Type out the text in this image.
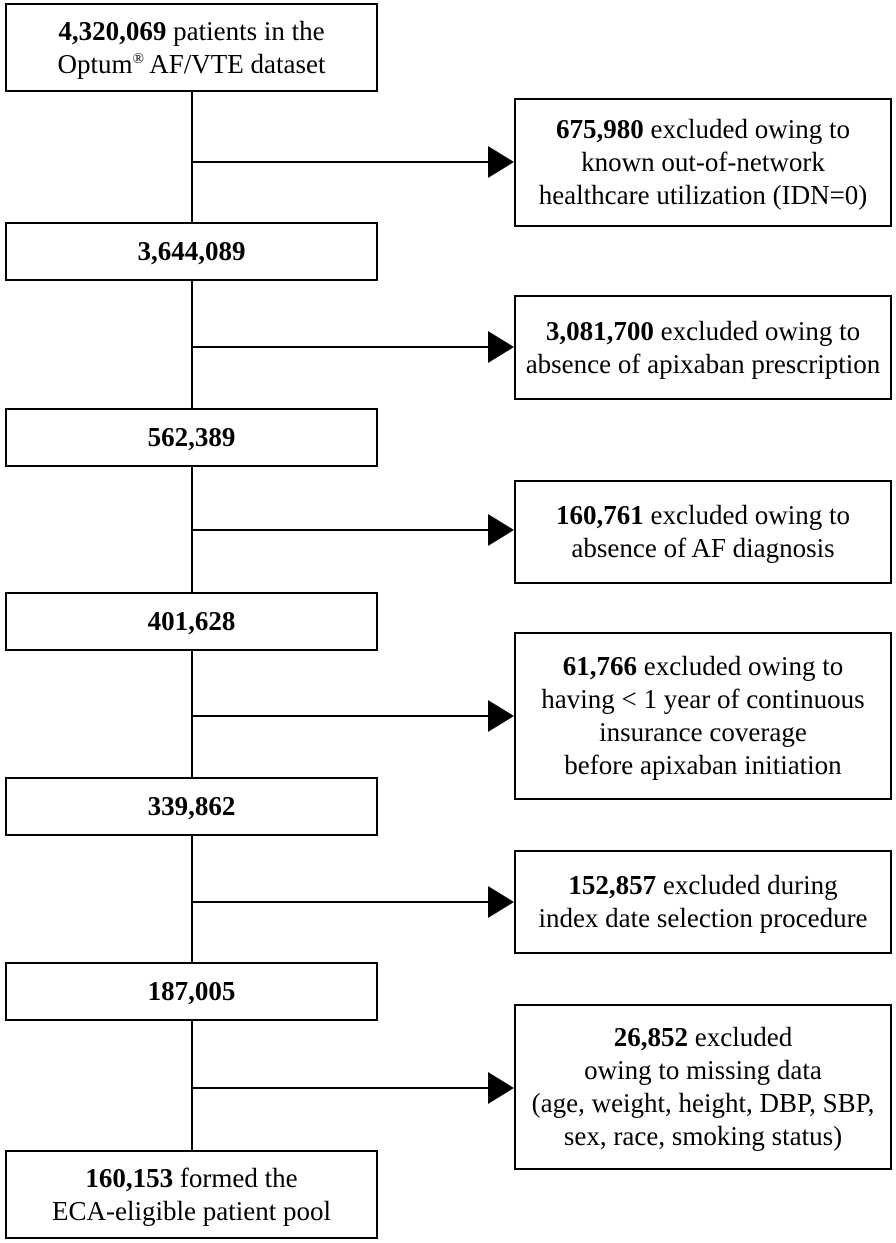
4,320,069 patients in the
Optum® AF/VTE dataset
3,644,089
562,389
401,628
339,862
187,005
160,153 formed the
ECA-eligible patient pool
675,980 excluded owing to
known out-of-network
healthcare utilization (IDN=0)
3,081,700 excluded owing to
absence of apixaban prescription
160,761 excluded owing to
absence of AF diagnosis
61,766 excluded owing to
having < 1 year of continuous
insurance coverage
before apixaban initiation
152,857 excluded during
index date selection procedure
26,852 excluded
owing to missing data
(age, weight, height, DBP, SBP,
sex, race, smoking status)
